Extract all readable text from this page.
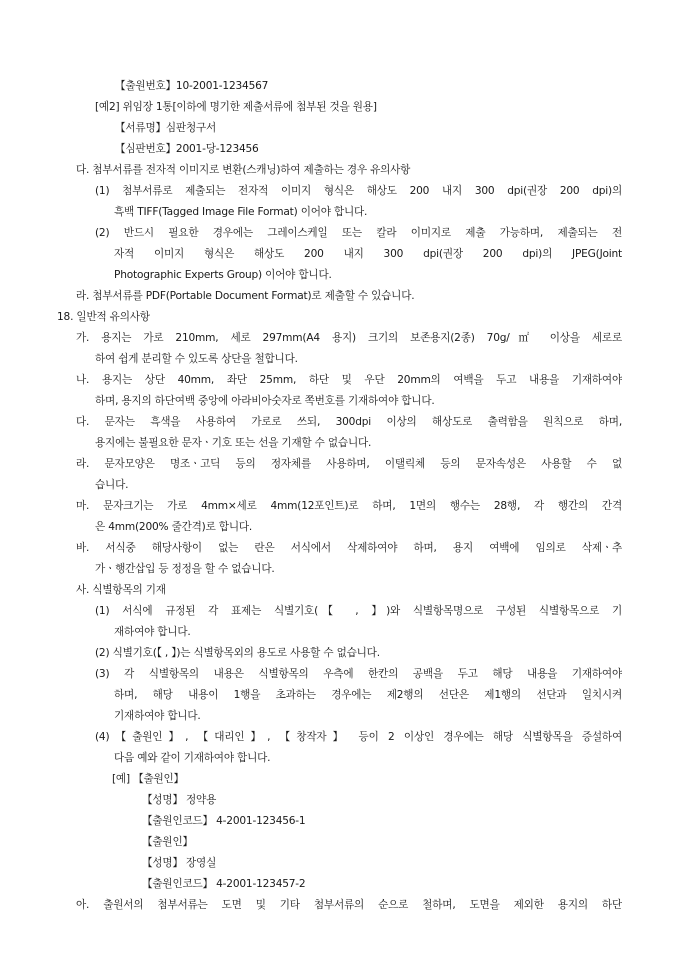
【출원번호】10-2001-1234567
[예2] 위임장 1통[이하에 명기한 제출서류에 첨부된 것을 원용]
【서류명】심판청구서
【심판번호】2001-당-123456
다. 첨부서류를 전자적 이미지로 변환(스캐닝)하여 제출하는 경우 유의사항
(1) 첨부서류로 제출되는 전자적 이미지 형식은 해상도 200 내지 300 dpi(권장 200 dpi)의
흑백 TIFF(Tagged Image File Format) 이어야 합니다.
(2) 반드시 필요한 경우에는 그레이스케일 또는 칼라 이미지로 제출 가능하며, 제출되는 전
자적 이미지 형식은 해상도 200 내지 300 dpi(권장 200 dpi)의 JPEG(Joint
Photographic Experts Group) 이어야 합니다.
라. 첨부서류를 PDF(Portable Document Format)로 제출할 수 있습니다.
18. 일반적 유의사항
가. 용지는 가로 210mm, 세로 297mm(A4 용지) 크기의 보존용지(2종) 70g/㎡ 이상을 세로로
하여 쉽게 분리할 수 있도록 상단을 철합니다.
나. 용지는 상단 40mm, 좌단 25mm, 하단 및 우단 20mm의 여백을 두고 내용을 기재하여야
하며, 용지의 하단여백 중앙에 아라비아숫자로 쪽번호를 기재하여야 합니다.
다. 문자는 흑색을 사용하여 가로로 쓰되, 300dpi 이상의 해상도로 출력함을 원칙으로 하며,
용지에는 불필요한 문자ㆍ기호 또는 선을 기재할 수 없습니다.
라. 문자모양은 명조ㆍ고딕 등의 정자체를 사용하며, 이탤릭체 등의 문자속성은 사용할 수 없
습니다.
마. 문자크기는 가로 4mm×세로 4mm(12포인트)로 하며, 1면의 행수는 28행, 각 행간의 간격
은 4mm(200% 줄간격)로 합니다.
바. 서식중 해당사항이 없는 란은 서식에서 삭제하여야 하며, 용지 여백에 임의로 삭제ㆍ추
가ㆍ행간삽입 등 정정을 할 수 없습니다.
사. 식별항목의 기재
(1) 서식에 규정된 각 표제는 식별기호(【 , 】)와 식별항목명으로 구성된 식별항목으로 기
재하여야 합니다.
(2) 식별기호(【 , 】)는 식별항목외의 용도로 사용할 수 없습니다.
(3) 각 식별항목의 내용은 식별항목의 우측에 한칸의 공백을 두고 해당 내용을 기재하여야
하며, 해당 내용이 1행을 초과하는 경우에는 제2행의 선단은 제1행의 선단과 일치시켜
기재하여야 합니다.
(4)【출원인】, 【대리인】, 【창작자】 등이 2 이상인 경우에는 해당 식별항목을 증설하여
다음 예와 같이 기재하여야 합니다.
[예] 【출원인】
【성명】 정약용
【출원인코드】 4-2001-123456-1
【출원인】
【성명】 장영실
【출원인코드】 4-2001-123457-2
아. 출원서의 첨부서류는 도면 및 기타 첨부서류의 순으로 철하며, 도면을 제외한 용지의 하단
